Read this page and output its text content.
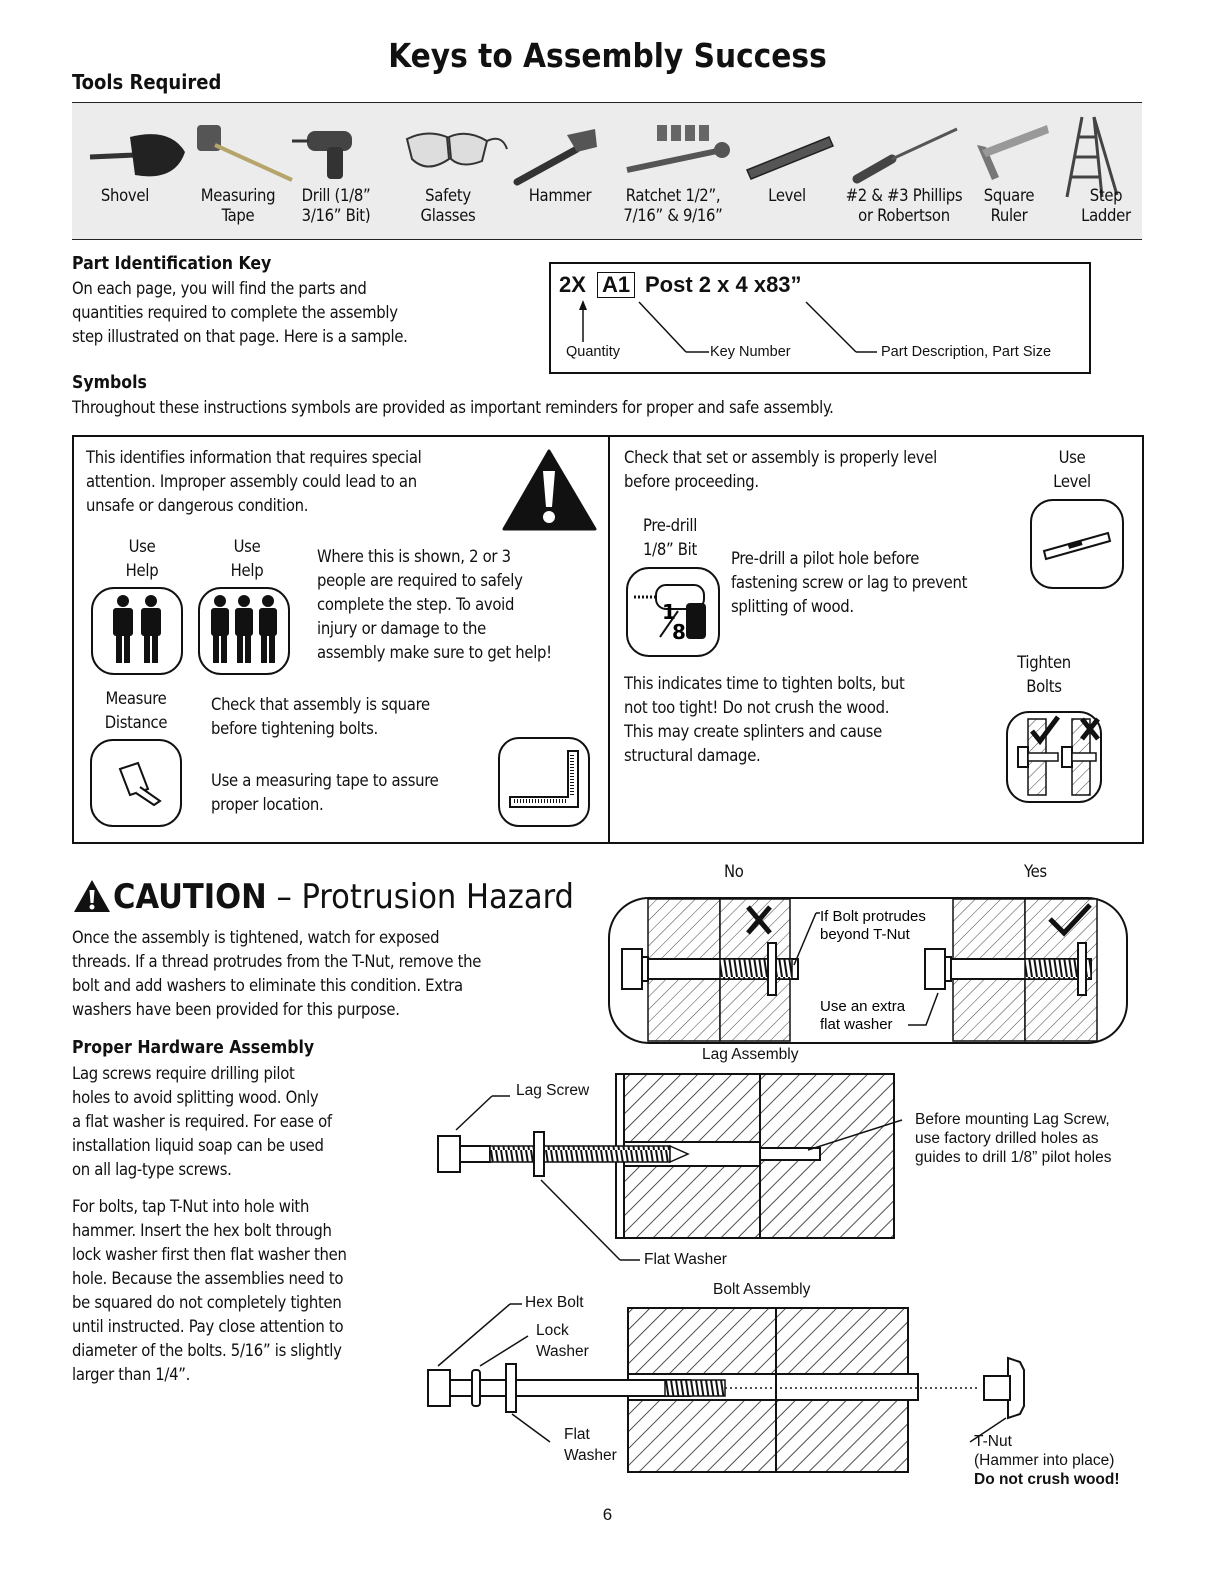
Keys to Assembly Success
Tools Required
Shovel	Measuring
Tape
Drill (1/8”
3/16” Bit)
Safety
Glasses
Hammer	Ratchet 1/2”,
7/16” & 9/16”
Level	#2 & #3 Phillips
or Robertson
Square
Ruler
Step
Ladder
Part Identification Key
On each page, you will find the parts and
quantities required to complete the assembly
step illustrated on that page. Here is a sample.
2X A1 Post 2 x 4 x83”
Quantity	Key Number	Part Description, Part Size
Symbols
Throughout these instructions symbols are provided as important reminders for proper and safe assembly.
This identifies information that requires special
attention. Improper assembly could lead to an
unsafe or dangerous condition.
Use
Help
Use
Help
Where this is shown, 2 or 3
people are required to safely
complete the step. To avoid
injury or damage to the
assembly make sure to get help!
Measure
Distance
Check that assembly is square
before tightening bolts.
Use a measuring tape to assure
proper location.
Check that set or assembly is properly level
before proceeding.
Use
Level
Pre-drill
1/8” Bit
1
8
Pre-drill a pilot hole before
fastening screw or lag to prevent
splitting of wood.
Tighten
Bolts
This indicates time to tighten bolts, but
not too tight! Do not crush the wood.
This may create splinters and cause
structural damage.
CAUTION – Protrusion Hazard
Once the assembly is tightened, watch for exposed
threads. If a thread protrudes from the T-Nut, remove the
bolt and add washers to eliminate this condition. Extra
washers have been provided for this purpose.
No	Yes
If Bolt protrudes
beyond T-Nut
Use an extra
flat washer
Proper Hardware Assembly
Lag screws require drilling pilot
holes to avoid splitting wood. Only
a flat washer is required. For ease of
installation liquid soap can be used
on all lag-type screws.
For bolts, tap T-Nut into hole with
hammer. Insert the hex bolt through
lock washer first then flat washer then
hole. Because the assemblies need to
be squared do not completely tighten
until instructed. Pay close attention to
diameter of the bolts. 5/16” is slightly
larger than 1/4”.
Lag Assembly
Lag Screw
Flat Washer
Before mounting Lag Screw,
use factory drilled holes as
guides to drill 1/8” pilot holes
Bolt Assembly
Hex Bolt
Lock
Washer
Flat
Washer
T-Nut
(Hammer into place)
Do not crush wood!
6
